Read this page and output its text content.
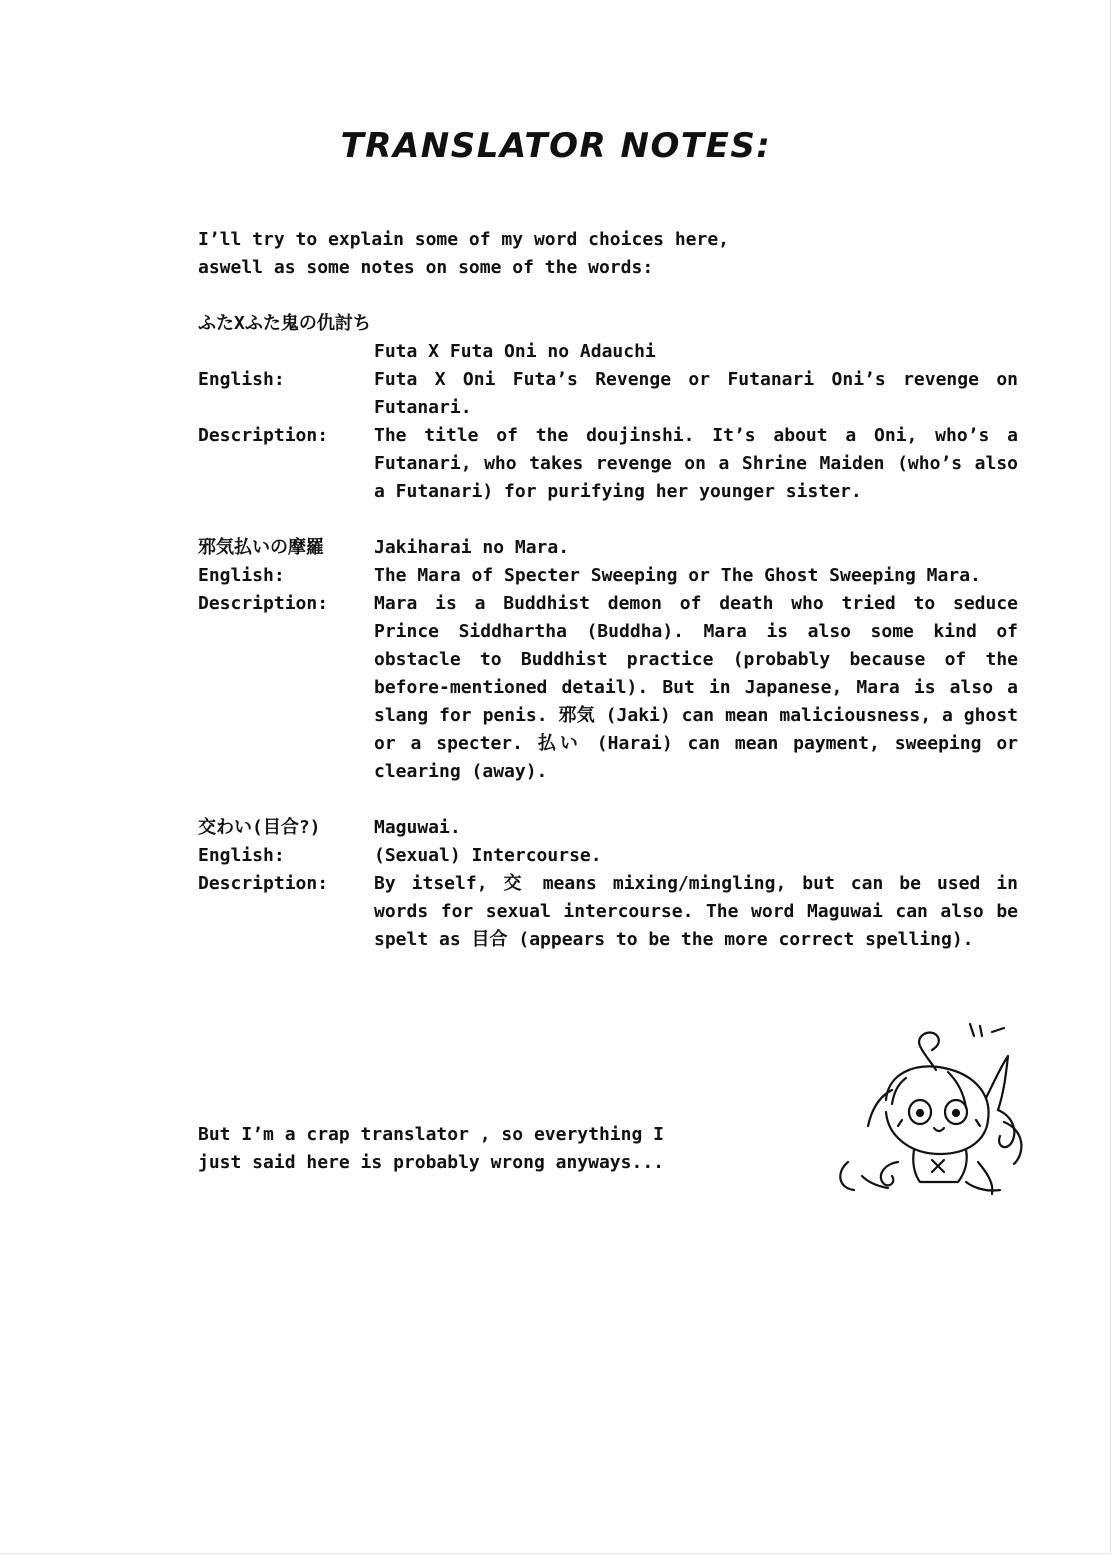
TRANSLATOR NOTES:
I’ll try to explain some of my word choices here,
aswell as some notes on some of the words:
ふたXふた鬼の仇討ち
Futa X Futa Oni no Adauchi
English:	Futa X Oni Futa’s Revenge or Futanari Oni’s revenge on Futanari.
Description:	The title of the doujinshi. It’s about a Oni, who’s a Futanari, who takes revenge on a Shrine Maiden (who’s also a Futanari) for purifying her younger sister.
邪気払いの摩羅	Jakiharai no Mara.
English:	The Mara of Specter Sweeping or The Ghost Sweeping Mara.
Description:	Mara is a Buddhist demon of death who tried to seduce Prince Siddhartha (Buddha). Mara is also some kind of obstacle to Buddhist practice (probably because of the before-mentioned detail). But in Japanese, Mara is also a slang for penis. 邪気 (Jaki) can mean maliciousness, a ghost or a specter. 払い (Harai) can mean payment, sweeping or clearing (away).
交わい(目合?)	Maguwai.
English:	(Sexual) Intercourse.
Description:	By itself, 交 means mixing/mingling, but can be used in words for sexual intercourse. The word Maguwai can also be spelt as 目合 (appears to be the more correct spelling).
But I’m a crap translator , so everything I
just said here is probably wrong anyways...
